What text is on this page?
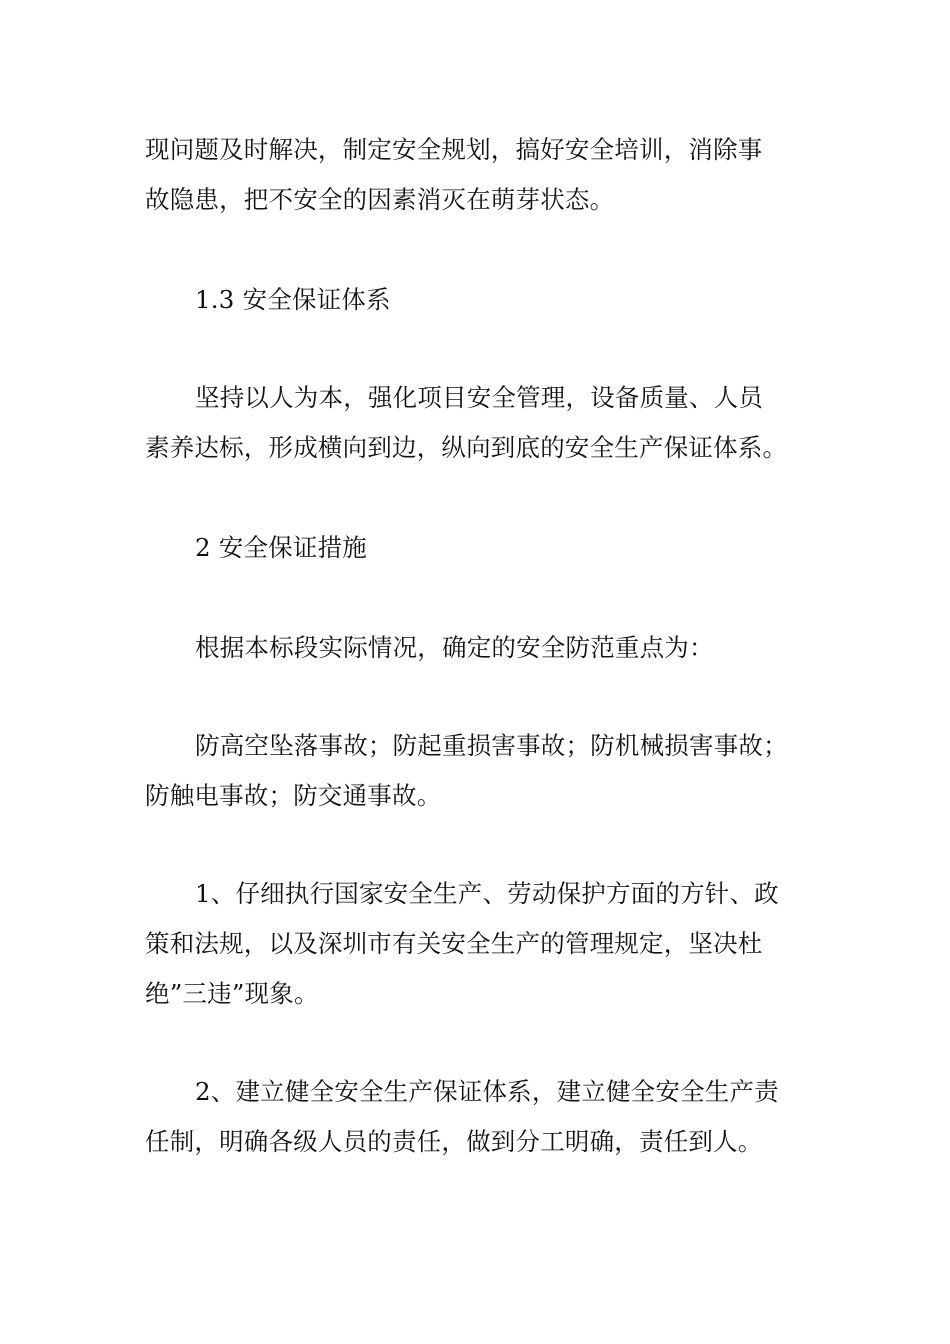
现问题及时解决，制定安全规划，搞好安全培训，消除事
故隐患，把不安全的因素消灭在萌芽状态。
1.3 安全保证体系
坚持以人为本，强化项目安全管理，设备质量、人员
素养达标，形成横向到边，纵向到底的安全生产保证体系。
2 安全保证措施
根据本标段实际情况，确定的安全防范重点为：
防高空坠落事故；防起重损害事故；防机械损害事故；
防触电事故；防交通事故。
1、仔细执行国家安全生产、劳动保护方面的方针、政
策和法规，以及深圳市有关安全生产的管理规定，坚决杜
绝”三违”现象。
2、建立健全安全生产保证体系，建立健全安全生产责
任制，明确各级人员的责任，做到分工明确，责任到人。
